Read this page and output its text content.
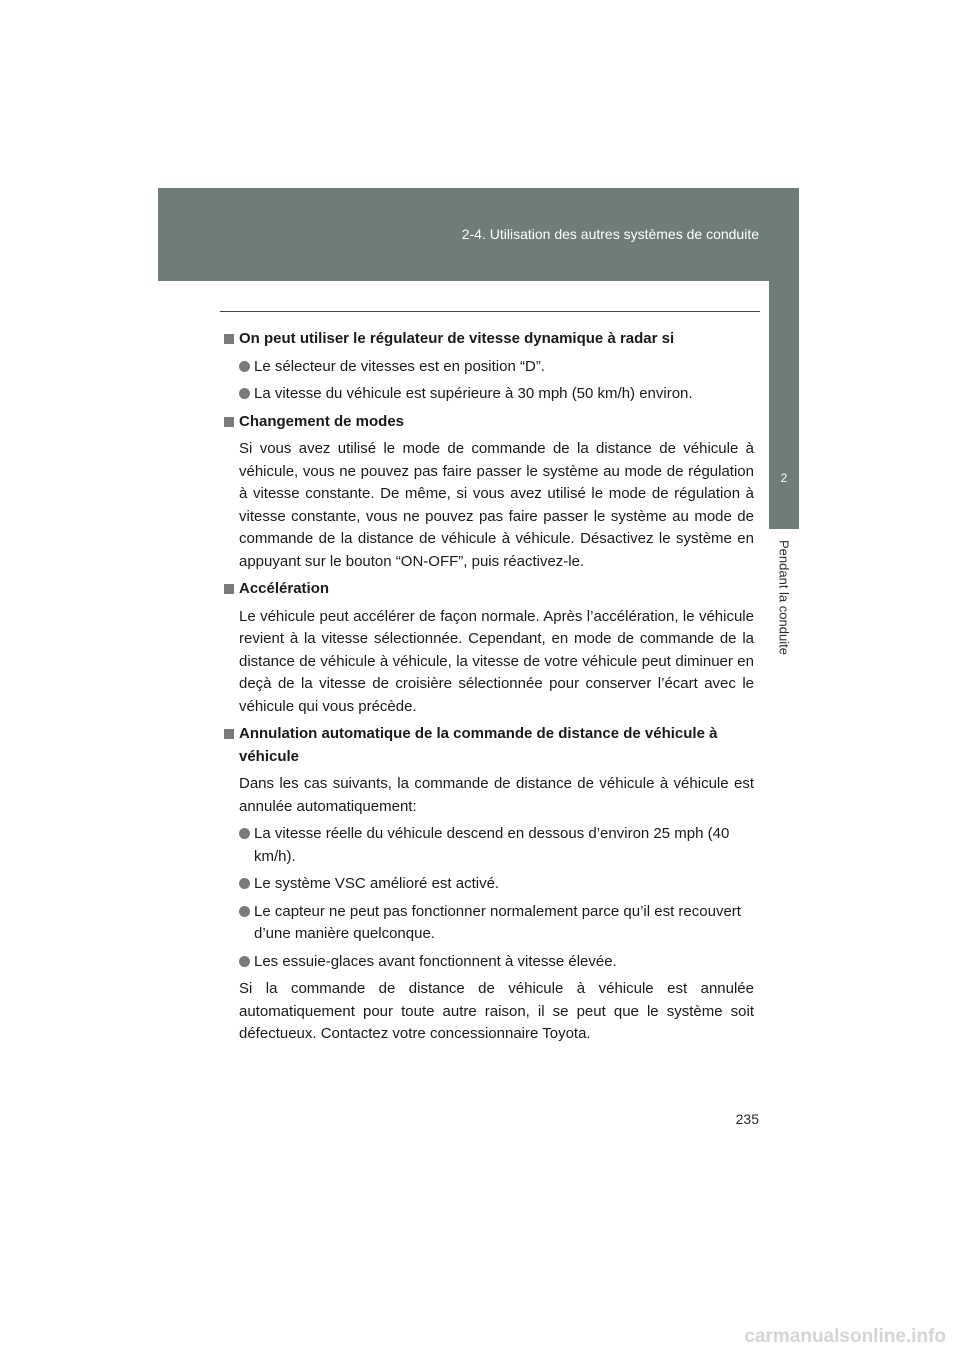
2-4. Utilisation des autres systèmes de conduite
2
Pendant la conduite
On peut utiliser le régulateur de vitesse dynamique à radar si
Le sélecteur de vitesses est en position “D”.
La vitesse du véhicule est supérieure à 30 mph (50 km/h) environ.
Changement de modes
Si vous avez utilisé le mode de commande de la distance de véhicule à véhicule, vous ne pouvez pas faire passer le système au mode de régulation à vitesse constante. De même, si vous avez utilisé le mode de régulation à vitesse constante, vous ne pouvez pas faire passer le système au mode de commande de la distance de véhicule à véhicule. Désactivez le système en appuyant sur le bouton “ON-OFF”, puis réactivez-le.
Accélération
Le véhicule peut accélérer de façon normale. Après l’accélération, le véhicule revient à la vitesse sélectionnée. Cependant, en mode de commande de la distance de véhicule à véhicule, la vitesse de votre véhicule peut diminuer en deçà de la vitesse de croisière sélectionnée pour conserver l’écart avec le véhicule qui vous précède.
Annulation automatique de la commande de distance de véhicule à véhicule
Dans les cas suivants, la commande de distance de véhicule à véhicule est annulée automatiquement:
La vitesse réelle du véhicule descend en dessous d’environ 25 mph (40 km/h).
Le système VSC amélioré est activé.
Le capteur ne peut pas fonctionner normalement parce qu’il est recouvert d’une manière quelconque.
Les essuie-glaces avant fonctionnent à vitesse élevée.
Si la commande de distance de véhicule à véhicule est annulée automatiquement pour toute autre raison, il se peut que le système soit défectueux. Contactez votre concessionnaire Toyota.
235
carmanualsonline.info
